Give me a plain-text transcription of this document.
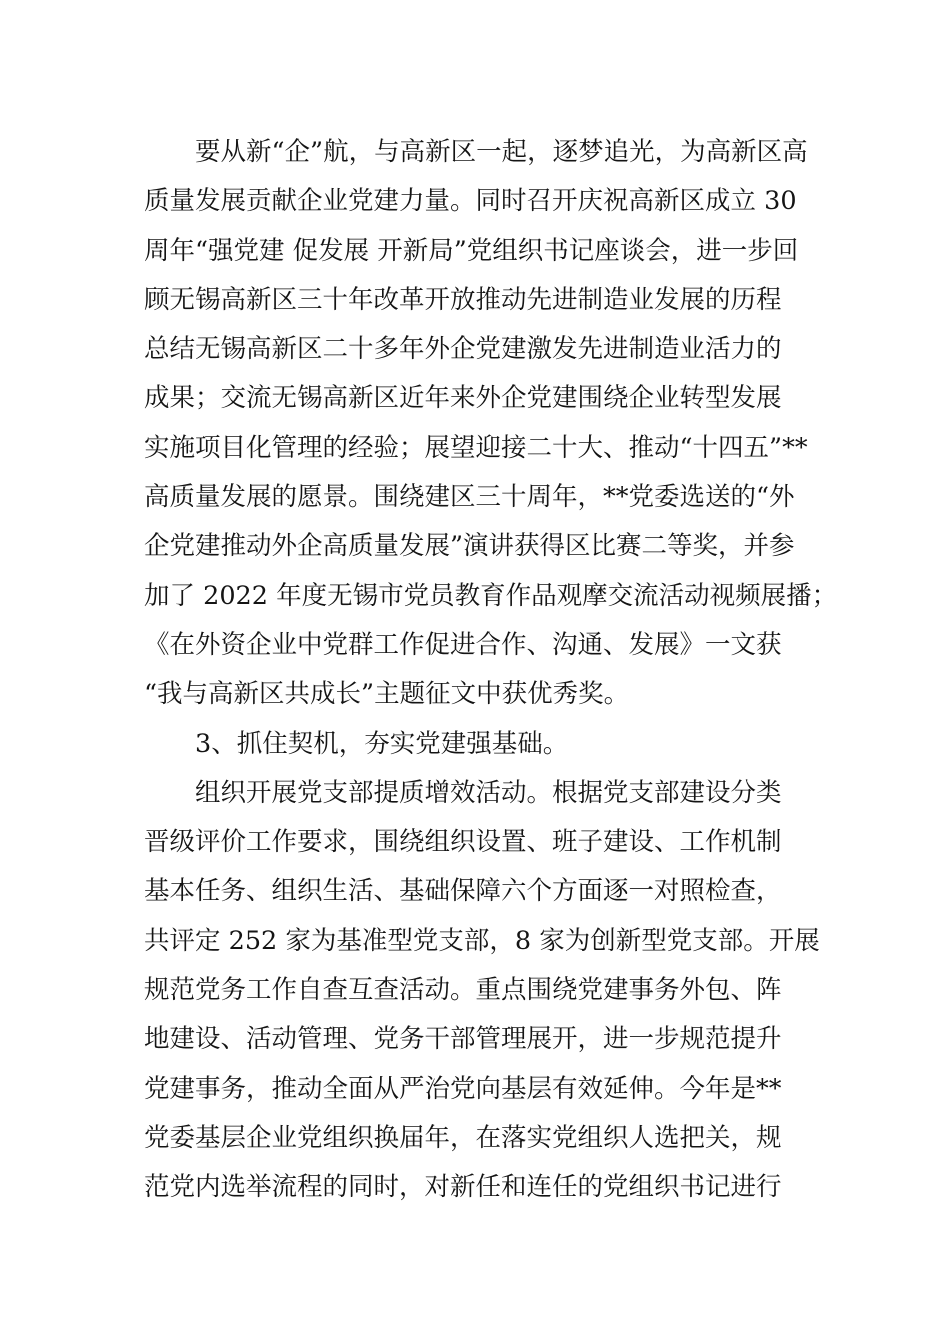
　　要从新“企”航，与高新区一起，逐梦追光，为高新区高
质量发展贡献企业党建力量。同时召开庆祝高新区成立 30
周年“强党建 促发展 开新局”党组织书记座谈会，进一步回
顾无锡高新区三十年改革开放推动先进制造业发展的历程
总结无锡高新区二十多年外企党建激发先进制造业活力的
成果；交流无锡高新区近年来外企党建围绕企业转型发展
实施项目化管理的经验；展望迎接二十大、推动“十四五”**
高质量发展的愿景。围绕建区三十周年，**党委选送的“外
企党建推动外企高质量发展”演讲获得区比赛二等奖，并参
加了 2022 年度无锡市党员教育作品观摩交流活动视频展播；
《在外资企业中党群工作促进合作、沟通、发展》一文获
“我与高新区共成长”主题征文中获优秀奖。
　　3、抓住契机，夯实党建强基础。
　　组织开展党支部提质增效活动。根据党支部建设分类
晋级评价工作要求，围绕组织设置、班子建设、工作机制
基本任务、组织生活、基础保障六个方面逐一对照检查，
共评定 252 家为基准型党支部，8 家为创新型党支部。开展
规范党务工作自查互查活动。重点围绕党建事务外包、阵
地建设、活动管理、党务干部管理展开，进一步规范提升
党建事务，推动全面从严治党向基层有效延伸。今年是**
党委基层企业党组织换届年，在落实党组织人选把关，规
范党内选举流程的同时，对新任和连任的党组织书记进行
